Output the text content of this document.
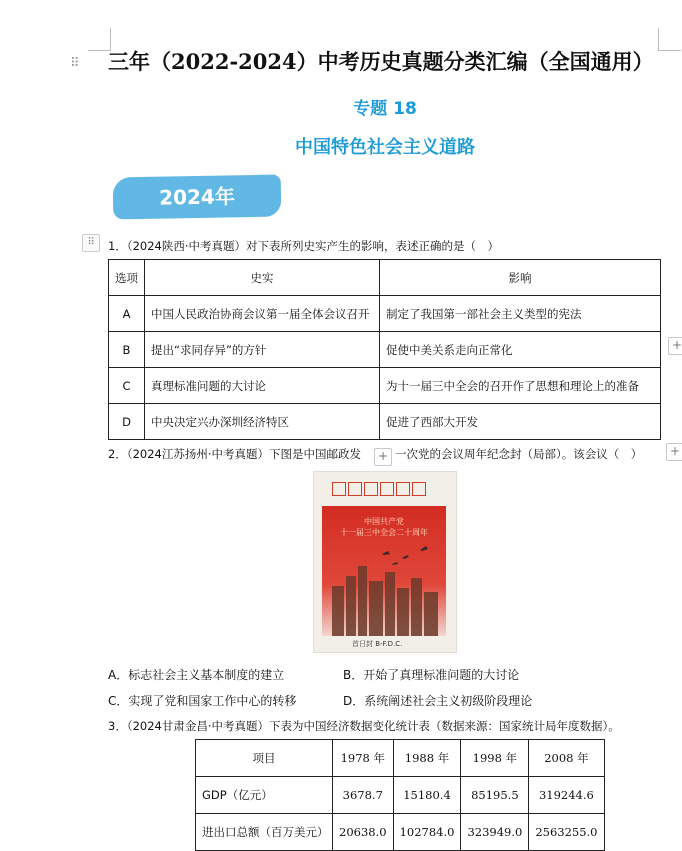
⠿ 三年（2022-2024）中考历史真题分类汇编（全国通用）
专题 18
中国特色社会主义道路
2024年
⠿	1．（2024陕西·中考真题）对下表所列史实产生的影响，表述正确的是（　）
选项	史实	影响
A	中国人民政治协商会议第一届全体会议召开	制定了我国第一部社会主义类型的宪法
B	提出“求同存异”的方针	促使中美关系走向正常化
C	真理标准问题的大讨论	为十一届三中全会的召开作了思想和理论上的准备
D	中央决定兴办深圳经济特区	促进了西部大开发
+
2．（2024江苏扬州·中考真题）下图是中国邮政发	+ 一次党的会议周年纪念封（局部）。该会议（　）	+
中国共产党
十一届三中全会二十周年
首日封 B-F.D.C.
A．标志社会主义基本制度的建立	B．开始了真理标准问题的大讨论
C．实现了党和国家工作中心的转移	D．系统阐述社会主义初级阶段理论
3．（2024甘肃金昌·中考真题）下表为中国经济数据变化统计表（数据来源：国家统计局年度数据）。
项目	1978 年	1988 年	1998 年	2008 年
GDP（亿元）	3678.7	15180.4	85195.5	319244.6
进出口总额（百万美元）	20638.0	102784.0	323949.0	2563255.0
